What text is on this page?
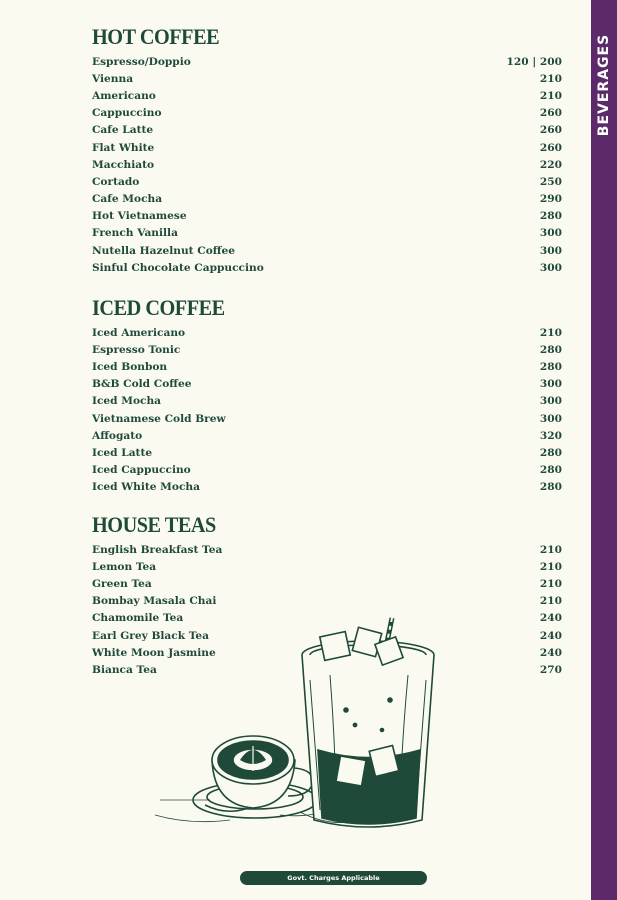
BEVERAGES
HOT COFFEE
Espresso/Doppio	120 | 200
Vienna	210
Americano	210
Cappuccino	260
Cafe Latte	260
Flat White	260
Macchiato	220
Cortado	250
Cafe Mocha	290
Hot Vietnamese	280
French Vanilla	300
Nutella Hazelnut Coffee	300
Sinful Chocolate Cappuccino	300
ICED COFFEE
Iced Americano	210
Espresso Tonic	280
Iced Bonbon	280
B&B Cold Coffee	300
Iced Mocha	300
Vietnamese Cold Brew	300
Affogato	320
Iced Latte	280
Iced Cappuccino	280
Iced White Mocha	280
HOUSE TEAS
English Breakfast Tea	210
Lemon Tea	210
Green Tea	210
Bombay Masala Chai	210
Chamomile Tea	240
Earl Grey Black Tea	240
White Moon Jasmine	240
Bianca Tea	270
Govt. Charges Applicable
